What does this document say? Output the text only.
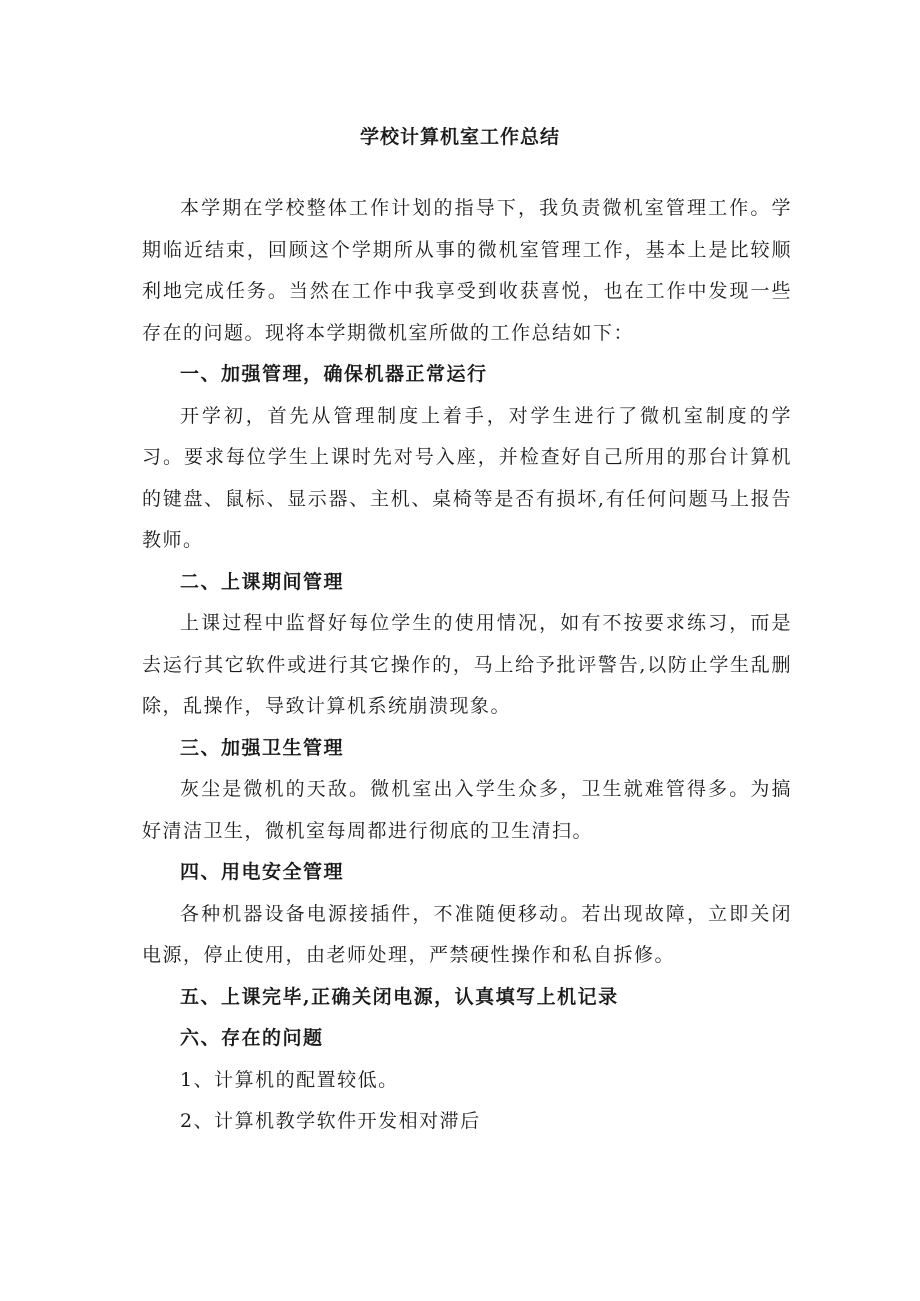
学校计算机室工作总结

本学期在学校整体工作计划的指导下，我负责微机室管理工作。学期临近结束，回顾这个学期所从事的微机室管理工作，基本上是比较顺利地完成任务。当然在工作中我享受到收获喜悦，也在工作中发现一些存在的问题。现将本学期微机室所做的工作总结如下：

一、加强管理，确保机器正常运行

开学初，首先从管理制度上着手，对学生进行了微机室制度的学习。要求每位学生上课时先对号入座，并检查好自己所用的那台计算机的键盘、鼠标、显示器、主机、桌椅等是否有损坏,有任何问题马上报告教师。

二、上课期间管理

上课过程中监督好每位学生的使用情况，如有不按要求练习，而是去运行其它软件或进行其它操作的，马上给予批评警告,以防止学生乱删除，乱操作，导致计算机系统崩溃现象。

三、加强卫生管理

灰尘是微机的天敌。微机室出入学生众多，卫生就难管得多。为搞好清洁卫生，微机室每周都进行彻底的卫生清扫。

四、用电安全管理

各种机器设备电源接插件，不准随便移动。若出现故障，立即关闭电源，停止使用，由老师处理，严禁硬性操作和私自拆修。

五、上课完毕,正确关闭电源，认真填写上机记录

六、存在的问题

1、计算机的配置较低。

2、计算机教学软件开发相对滞后
